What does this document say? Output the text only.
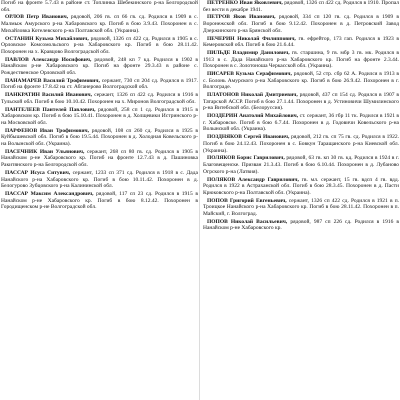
Погиб на фронте 5.7.43 в районе ст. Топлинка Шебекинского р-на Белгородской обл.

ОРЛОВ Петр Иванович, рядовой, 206 гв. сп 66 гв. сд. Родился в 1909 в с. Малмыж Амурского р-на Хабаровского кр. Погиб в бою 3.9.43. Похоронен в с. Михайловка Котелевского р-на Полтавской обл. (Украина).

ОСТАНИН Кузьма Михайлович, рядовой, 1326 сп 422 сд. Родился в 1905 в с. Орловское Комсомольского р-на Хабаровского кр. Погиб в бою 28.11.42. Похоронен на х. Кравцово Волгоградской обл.

ПАВЛОВ Александр Иосифович, рядовой, 248 кп 7 кд. Родился в 1902 в Нанайском р-не Хабаровского кр. Погиб на фронте 29.3.43 в районе с. Рождественское Орловской обл.

ПАНАМАРЕВ Василий Трофимович, сержант, 730 сп 204 сд. Родился в 1917. Погиб на фронте 17.8.42 на ст. Абганерово Волгоградской обл.

ПАНКРАТИН Василий Иванович, сержант, 1326 сп 422 сд. Родился в 1916 в Тульской обл. Погиб в бою 10.10.42. Похоронен на х. Миронов Волгоградской обл.

ПАНТЕЛЕЕВ Пантелей Павлович, рядовой, 258 сп 1 сд. Родился в 1915 в Хабаровском кр. Погиб в бою 15.10.41. Похоронен в д. Холщевики Истринского р-на Московской обл.

ПАРФЕНОВ Иван Трофимович, рядовой, 108 сп 260 сд. Родился в 1925 в Куйбышевской обл. Погиб в бою 19.5.44. Похоронен в д. Холодная Ковельского р-на Волынской обл. (Украина).

ПАСЕЧНИК Иван Ульянович, сержант, 268 сп 80 гв. сд. Родился в 1905 в Нанайском р-не Хабаровского кр. Погиб на фронте 12.7.43 в д. Пашиновка Ракитянского р-на Белгородской обл.

ПАССАР Исуса Ситувич, сержант, 1233 сп 371 сд. Родился в 1918 в с. Дада Нанайского р-на Хабаровского кр. Погиб в бою 10.11.42. Похоронен в д. Белогурово Зубцовского р-на Калининской обл.

ПАССАР Максим Александрович, рядовой, 117 сп 23 сд. Родился в 1915 в Нанайском р-не Хабаровского кр. Погиб в бою 8.12.42. Похоронен в Городищенском р-не Волгоградской обл.

ПЕТРЕНКО Иван Яковлевич, рядовой, 1326 сп 422 сд. Родился в 1910. Пропал без вести в декабре 1941.

ПЕТРОВ Яков Иванович, рядовой, 334 сп 120 гв. сд. Родился в 1909 в Воронежской обл. Погиб в бою 9.12.42. Похоронен в д. Петровский Завод Дзержинского р-на Брянской обл.

ПЕЧЕРИН Николай Филиппович, гв. ефрейтор, 173 гап. Родился в 1923 в Кемеровской обл. Погиб в бою 21.6.44.

ПИЛЬДЕ Владимир Данилович, гв. старшина, 9 гв. мбр 3 гв. мк. Родился в 1913 в с. Дада Нанайского р-на Хабаровского кр. Погиб на фронте 2.3.44. Похоронен в с. Золотоноша Черкасской обл. (Украина).

ПИСАРЕВ Кузьма Серафимович, рядовой, 52 стр. сбр 62 А. Родился в 1913 в с. Болонь Амурского р-на Хабаровского кр. Погиб в бою 26.9.42. Похоронен в г. Волгограде.

ПЛАТОНОВ Николай Дмитриевич, рядовой, 437 сп 154 сд. Родился в 1907 в Татарской АССР. Погиб в бою 27.1.44. Похоронен в д. Устиновичи Шумилинского р-на Витебской обл. (Белоруссия).

ПОЗДЕРИН Анатолий Михайлович, ст. сержант, 36 гбр 11 тк. Родился в 1921 в г. Хабаровске. Погиб в бою 6.7.44. Похоронен в д. Годовичи Ковельского р-на Волынской обл. (Украина).

ПОЗДНЯКОВ Сергей Иванович, рядовой, 212 гв. сп 75 гв. сд. Родился в 1922. Погиб в бою 24.12.43. Похоронен в с. Бовкун Таращанского р-на Киевской обл. (Украина).

ПОЛЯКОВ Борис Гаврилович, рядовой, 63 гв. кп 30 гв. кд. Родился в 1924 в г. Благовещенске. Призван 21.3.43. Погиб в бою 6.10.44. Похоронен в д. Лубаново Огрского р-на (Латвия).

ПОЛЯКОВ Александр Гаврилович, гв. мл. сержант, 15 гв. вдсп 4 гв. вдд. Родился в 1922 в Астраханской обл. Погиб в бою 28.3.45. Похоронен в д. Пасти Крюковского р-на Полтавской обл. (Украина).

ПОПОВ Григорий Евгеньевич, сержант, 1326 сп 422 сд. Родился в 1921 в п. Троицкое Нанайского р-на Хабаровского кр. Погиб в бою 28.11.42. Похоронен в п. Майский, г. Волгоград.

ПОПОВ Николай Васильевич, рядовой, 987 сп 226 сд. Родился в 1916 в Нанайском р-не Хабаровского кр.
